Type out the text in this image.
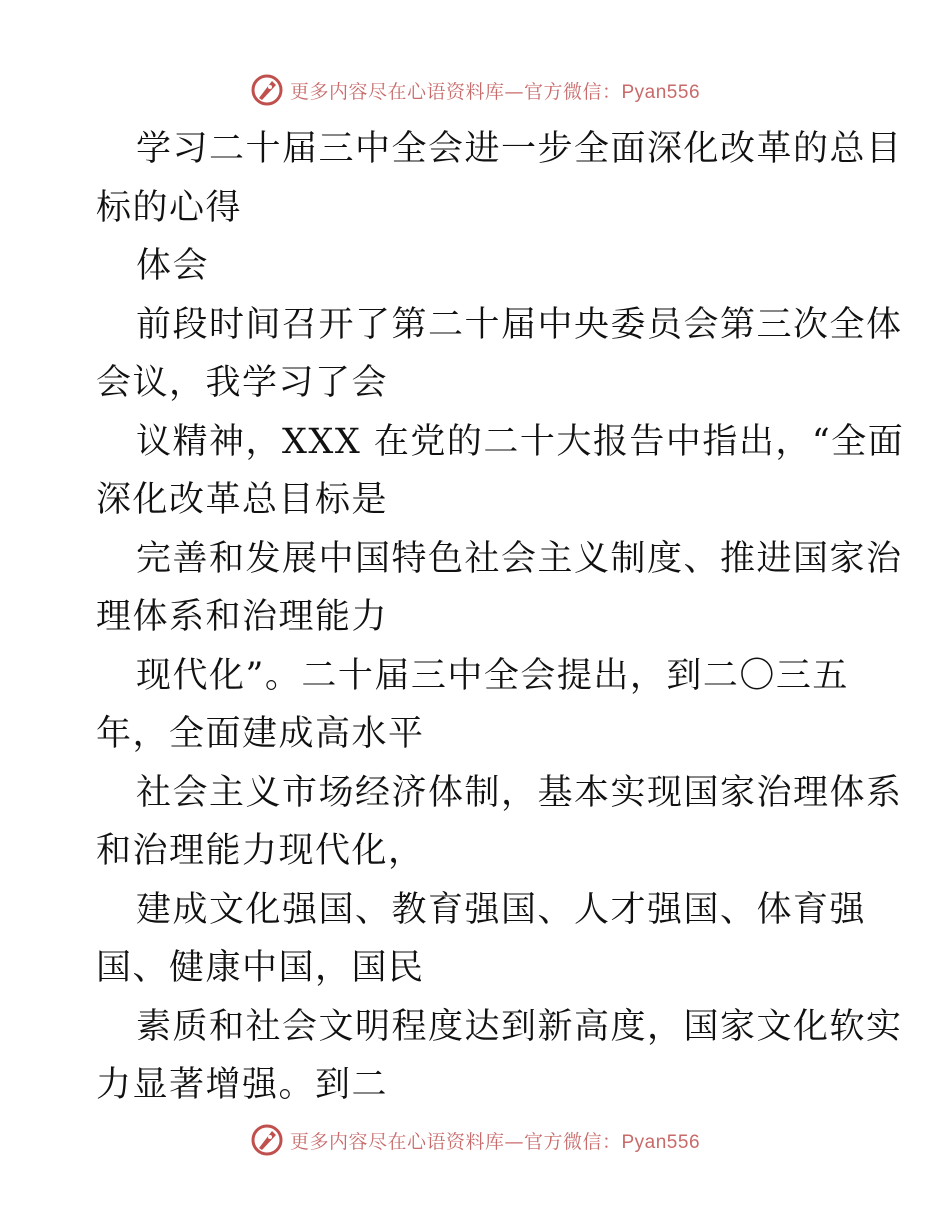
更多内容尽在心语资料库—官方微信：Pyan556
学习二十届三中全会进一步全面深化改革的总目
标的心得
体会
前段时间召开了第二十届中央委员会第三次全体
会议，我学习了会
议精神，XXX 在党的二十大报告中指出，“全面
深化改革总目标是
完善和发展中国特色社会主义制度、推进国家治
理体系和治理能力
现代化”。二十届三中全会提出，到二〇三五
年，全面建成高水平
社会主义市场经济体制，基本实现国家治理体系
和治理能力现代化，
建成文化强国、教育强国、人才强国、体育强
国、健康中国，国民
素质和社会文明程度达到新高度，国家文化软实
力显著增强。到二
更多内容尽在心语资料库—官方微信：Pyan556
